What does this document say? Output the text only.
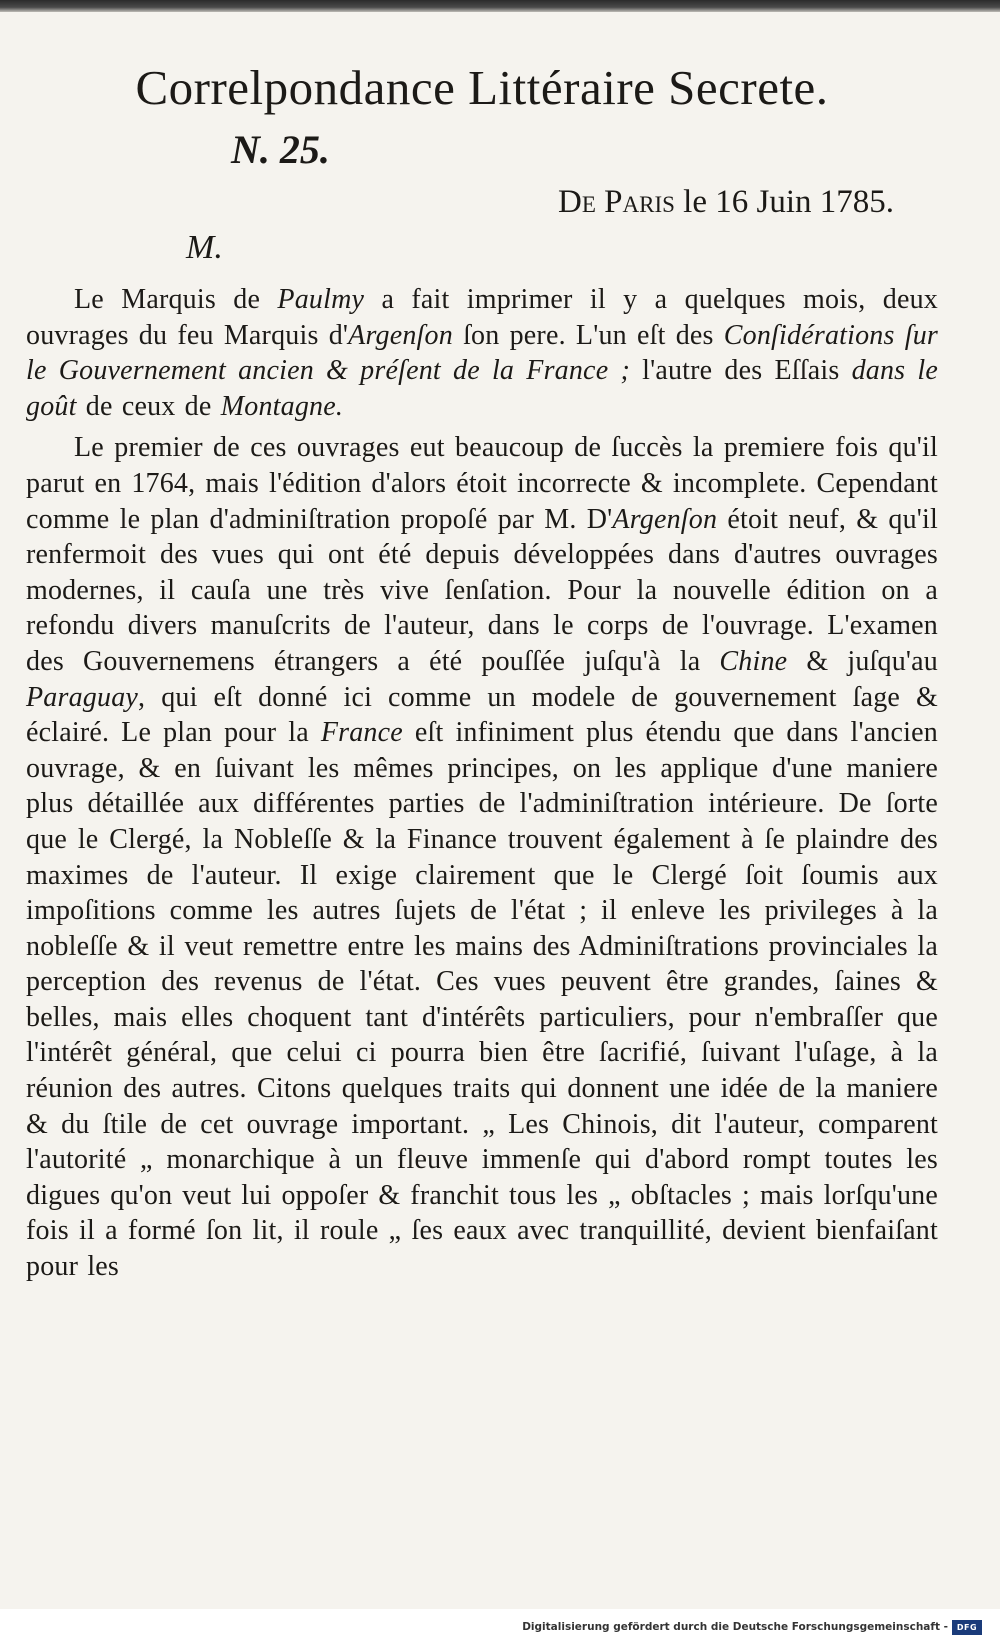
Correlpondance Littéraire Secrete.
N. 25.
De Paris le 16 Juin 1785.
M.

Le Marquis de Paulmy a fait imprimer il y a quelques mois, deux ouvrages du feu Marquis d'Argenſon ſon pere. L'un eſt des Conſidérations ſur le Gouvernement ancien & préſent de la France ; l'autre des Eſſais dans le goût de ceux de Montagne.

Le premier de ces ouvrages eut beaucoup de ſuccès la premiere fois qu'il parut en 1764, mais l'édition d'alors étoit incorrecte & incomplete. Cependant comme le plan d'adminiſtration propoſé par M. D'Argenſon étoit neuf, & qu'il renfermoit des vues qui ont été depuis développées dans d'autres ouvrages modernes, il cauſa une très vive ſenſation. Pour la nouvelle édition on a refondu divers manuſcrits de l'auteur, dans le corps de l'ouvrage. L'examen des Gouvernemens étrangers a été pouſſée juſqu'à la Chine & juſqu'au Paraguay, qui eſt donné ici comme un modele de gouvernement ſage & éclairé. Le plan pour la France eſt infiniment plus étendu que dans l'ancien ouvrage, & en ſuivant les mêmes principes, on les applique d'une maniere plus détaillée aux différentes parties de l'adminiſtration intérieure. De ſorte que le Clergé, la Nobleſſe & la Finance trouvent également à ſe plaindre des maximes de l'auteur. Il exige clairement que le Clergé ſoit ſoumis aux impoſitions comme les autres ſujets de l'état ; il enleve les privileges à la nobleſſe & il veut remettre entre les mains des Adminiſtrations provinciales la perception des revenus de l'état. Ces vues peuvent être grandes, ſaines & belles, mais elles choquent tant d'intérêts particuliers, pour n'embraſſer que l'intérêt général, que celui ci pourra bien être ſacrifié, ſuivant l'uſage, à la réunion des autres. Citons quelques traits qui donnent une idée de la maniere & du ſtile de cet ouvrage important. „ Les Chinois, dit l'auteur, comparent l'autorité „ monarchique à un fleuve immenſe qui d'abord rompt toutes les digues qu'on veut lui oppoſer & franchit tous les „ obſtacles ; mais lorſqu'une fois il a formé ſon lit, il roule „ ſes eaux avec tranquillité, devient bienfaiſant pour les

Digitalisierung gefördert durch die Deutsche Forschungsgemeinschaft -	DFG
